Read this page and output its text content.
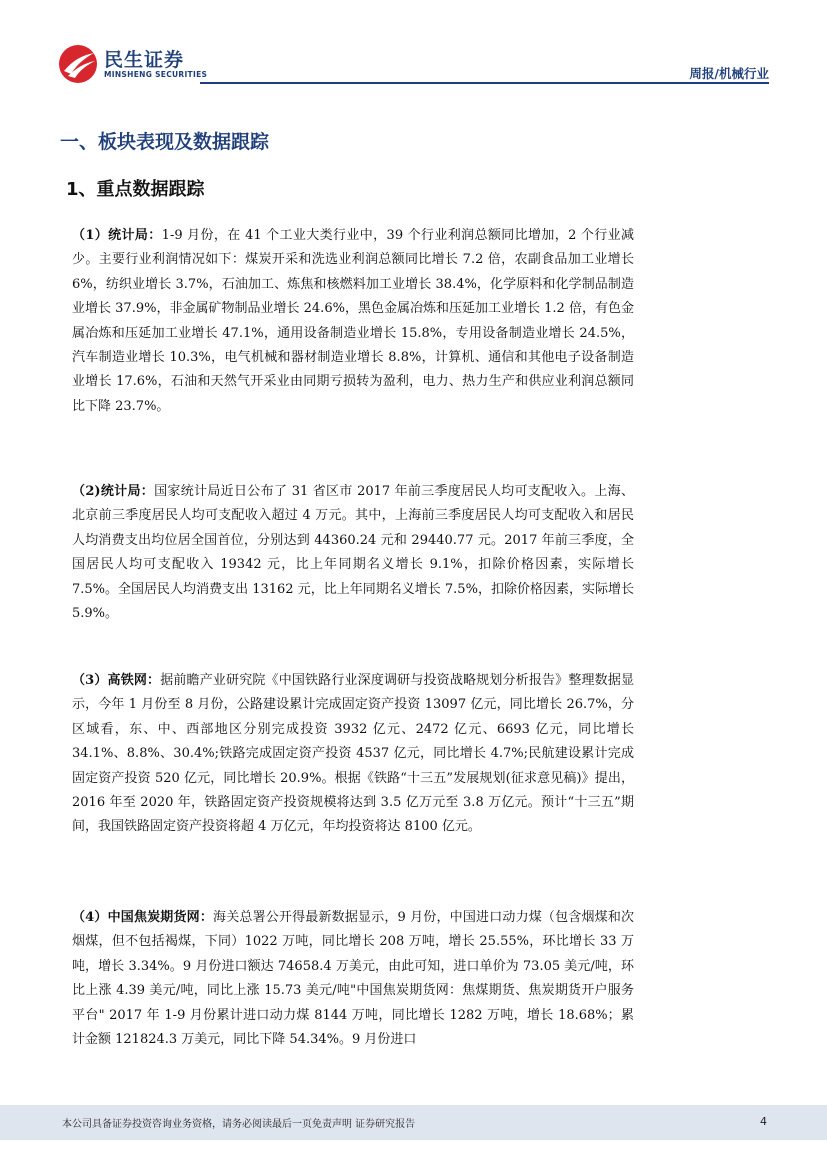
民生证券
MINSHENG SECURITIES	周报/机械行业
一、板块表现及数据跟踪
1、重点数据跟踪

（1）统计局：1-9 月份，在 41 个工业大类行业中，39 个行业利润总额同比增加，2 个行业减少。主要行业利润情况如下：煤炭开采和洗选业利润总额同比增长 7.2 倍，农副食品加工业增长 6%，纺织业增长 3.7%，石油加工、炼焦和核燃料加工业增长 38.4%，化学原料和化学制品制造业增长 37.9%，非金属矿物制品业增长 24.6%，黑色金属冶炼和压延加工业增长 1.2 倍，有色金属冶炼和压延加工业增长 47.1%，通用设备制造业增长 15.8%，专用设备制造业增长 24.5%，汽车制造业增长 10.3%，电气机械和器材制造业增长 8.8%，计算机、通信和其他电子设备制造业增长 17.6%，石油和天然气开采业由同期亏损转为盈利，电力、热力生产和供应业利润总额同比下降 23.7%。

（2)统计局：国家统计局近日公布了 31 省区市 2017 年前三季度居民人均可支配收入。上海、北京前三季度居民人均可支配收入超过 4 万元。其中，上海前三季度居民人均可支配收入和居民人均消费支出均位居全国首位，分别达到 44360.24 元和 29440.77 元。2017 年前三季度，全国居民人均可支配收入 19342 元，比上年同期名义增长 9.1%，扣除价格因素，实际增长 7.5%。全国居民人均消费支出 13162 元，比上年同期名义增长 7.5%，扣除价格因素，实际增长 5.9%。

（3）高铁网：据前瞻产业研究院《中国铁路行业深度调研与投资战略规划分析报告》整理数据显示，今年 1 月份至 8 月份，公路建设累计完成固定资产投资 13097 亿元，同比增长 26.7%，分区域看，东、中、西部地区分别完成投资 3932 亿元、2472 亿元、6693 亿元，同比增长 34.1%、8.8%、30.4%;铁路完成固定资产投资 4537 亿元，同比增长 4.7%;民航建设累计完成固定资产投资 520 亿元，同比增长 20.9%。根据《铁路“十三五”发展规划(征求意见稿)》提出，2016 年至 2020 年，铁路固定资产投资规模将达到 3.5 亿万元至 3.8 万亿元。预计“十三五”期间，我国铁路固定资产投资将超 4 万亿元，年均投资将达 8100 亿元。

（4）中国焦炭期货网：海关总署公开得最新数据显示，9 月份，中国进口动力煤（包含烟煤和次烟煤，但不包括褐煤，下同）1022 万吨，同比增长 208 万吨，增长 25.55%，环比增长 33 万吨，增长 3.34%。9 月份进口额达 74658.4 万美元，由此可知，进口单价为 73.05 美元/吨，环比上涨 4.39 美元/吨，同比上涨 15.73 美元/吨"中国焦炭期货网：焦煤期货、焦炭期货开户服务平台" 2017 年 1-9 月份累计进口动力煤 8144 万吨，同比增长 1282 万吨，增长 18.68%；累计金额 121824.3 万美元，同比下降 54.34%。9 月份进口

本公司具备证券投资咨询业务资格，请务必阅读最后一页免责声明 证券研究报告	4
